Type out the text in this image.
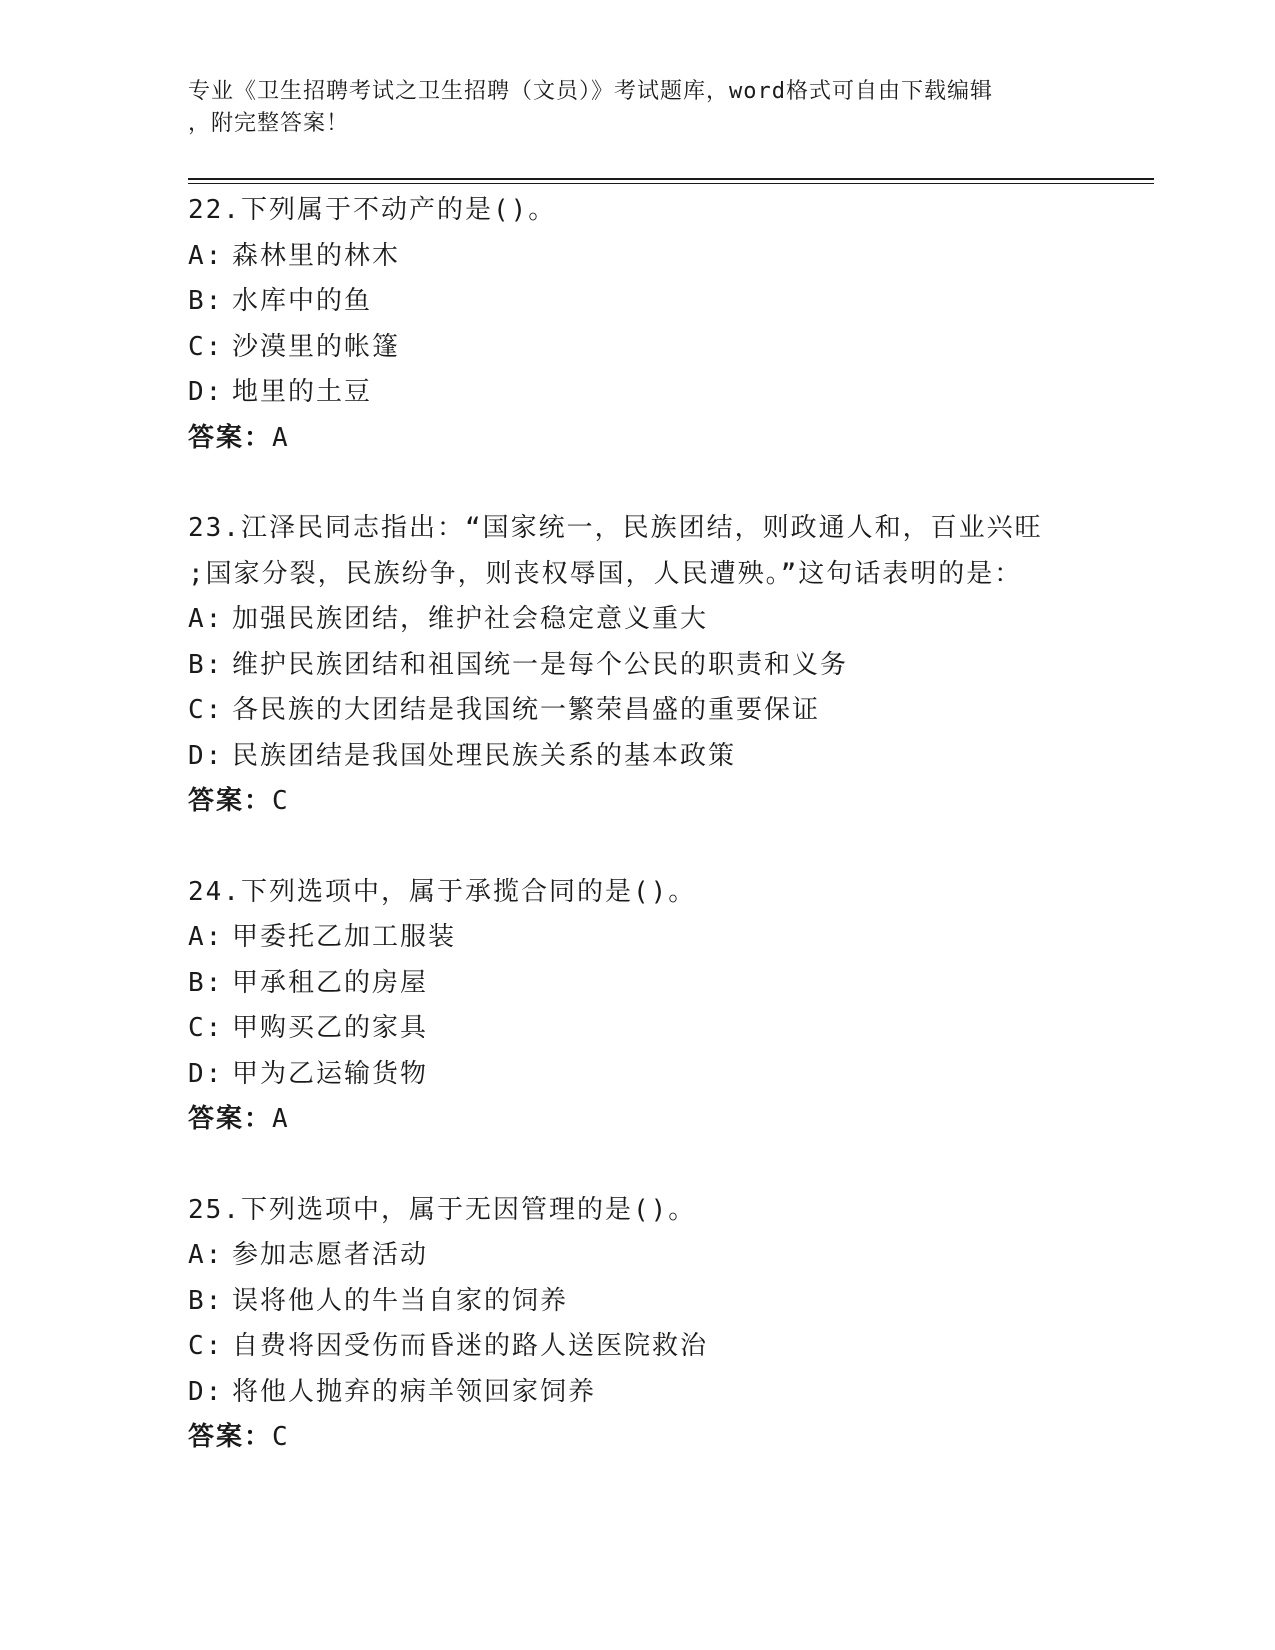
专业《卫生招聘考试之卫生招聘（文员）》考试题库，word格式可自由下载编辑
，附完整答案！
22.下列属于不动产的是()。
A: 森林里的林木
B: 水库中的鱼
C: 沙漠里的帐篷
D: 地里的土豆
答案：A
23.江泽民同志指出：“国家统一，民族团结，则政通人和，百业兴旺
;国家分裂，民族纷争，则丧权辱国，人民遭殃。”这句话表明的是：
A: 加强民族团结，维护社会稳定意义重大
B: 维护民族团结和祖国统一是每个公民的职责和义务
C: 各民族的大团结是我国统一繁荣昌盛的重要保证
D: 民族团结是我国处理民族关系的基本政策
答案：C
24.下列选项中，属于承揽合同的是()。
A: 甲委托乙加工服装
B: 甲承租乙的房屋
C: 甲购买乙的家具
D: 甲为乙运输货物
答案：A
25.下列选项中，属于无因管理的是()。
A: 参加志愿者活动
B: 误将他人的牛当自家的饲养
C: 自费将因受伤而昏迷的路人送医院救治
D: 将他人抛弃的病羊领回家饲养
答案：C
